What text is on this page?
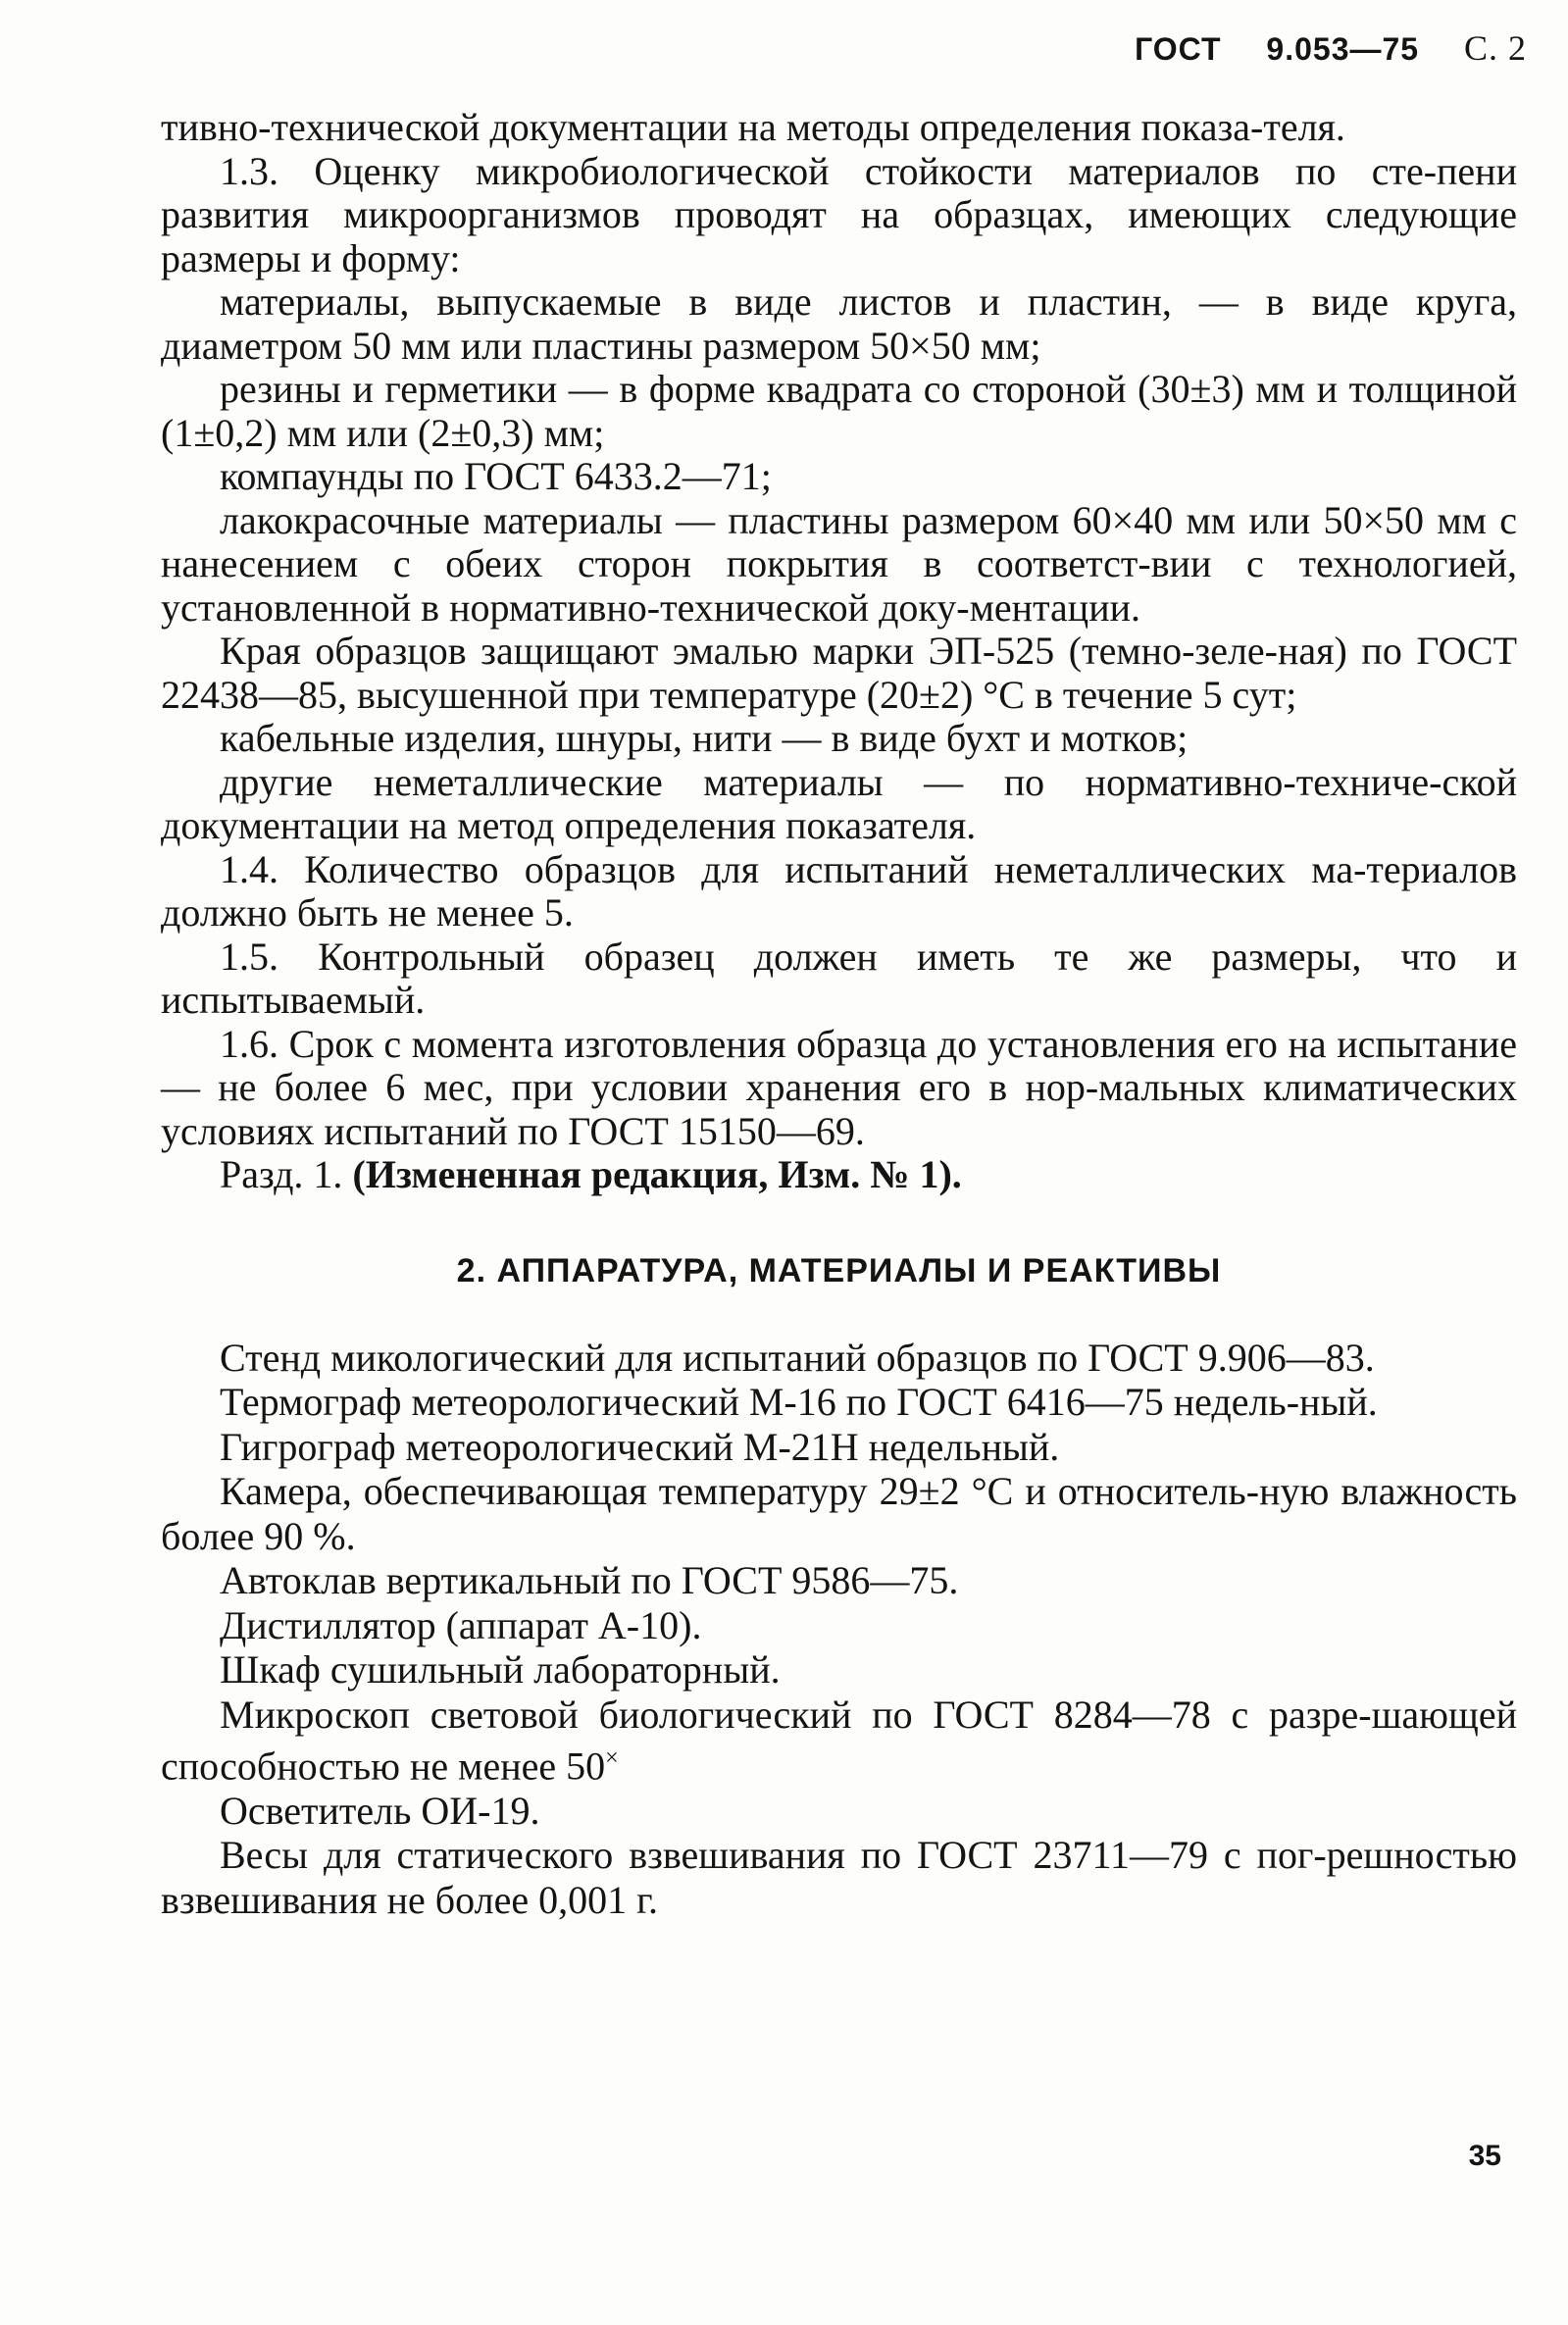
ГОСТ 9.053—75 С. 2

тивно-технической документации на методы определения показа-теля.

1.3. Оценку микробиологической стойкости материалов по сте-пени развития микроорганизмов проводят на образцах, имеющих следующие размеры и форму:

материалы, выпускаемые в виде листов и пластин, — в виде круга, диаметром 50 мм или пластины размером 50×50 мм;

резины и герметики — в форме квадрата со стороной (30±3) мм и толщиной (1±0,2) мм или (2±0,3) мм;

компаунды по ГОСТ 6433.2—71;

лакокрасочные материалы — пластины размером 60×40 мм или 50×50 мм с нанесением с обеих сторон покрытия в соответст-вии с технологией, установленной в нормативно-технической доку-ментации.

Края образцов защищают эмалью марки ЭП-525 (темно-зеле-ная) по ГОСТ 22438—85, высушенной при температуре (20±2) °С в течение 5 сут;

кабельные изделия, шнуры, нити — в виде бухт и мотков;

другие неметаллические материалы — по нормативно-техниче-ской документации на метод определения показателя.

1.4. Количество образцов для испытаний неметаллических ма-териалов должно быть не менее 5.

1.5. Контрольный образец должен иметь те же размеры, что и испытываемый.

1.6. Срок с момента изготовления образца до установления его на испытание — не более 6 мес, при условии хранения его в нор-мальных климатических условиях испытаний по ГОСТ 15150—69.

Разд. 1. (Измененная редакция, Изм. № 1).

2. АППАРАТУРА, МАТЕРИАЛЫ И РЕАКТИВЫ

Стенд микологический для испытаний образцов по ГОСТ 9.906—83.

Термограф метеорологический М-16 по ГОСТ 6416—75 недель-ный.

Гигрограф метеорологический М-21Н недельный.

Камера, обеспечивающая температуру 29±2 °С и относитель-ную влажность более 90 %.

Автоклав вертикальный по ГОСТ 9586—75.

Дистиллятор (аппарат А-10).

Шкаф сушильный лабораторный.

Микроскоп световой биологический по ГОСТ 8284—78 с разре-шающей способностью не менее 50×

Осветитель ОИ-19.

Весы для статического взвешивания по ГОСТ 23711—79 с пог-решностью взвешивания не более 0,001 г.

35
